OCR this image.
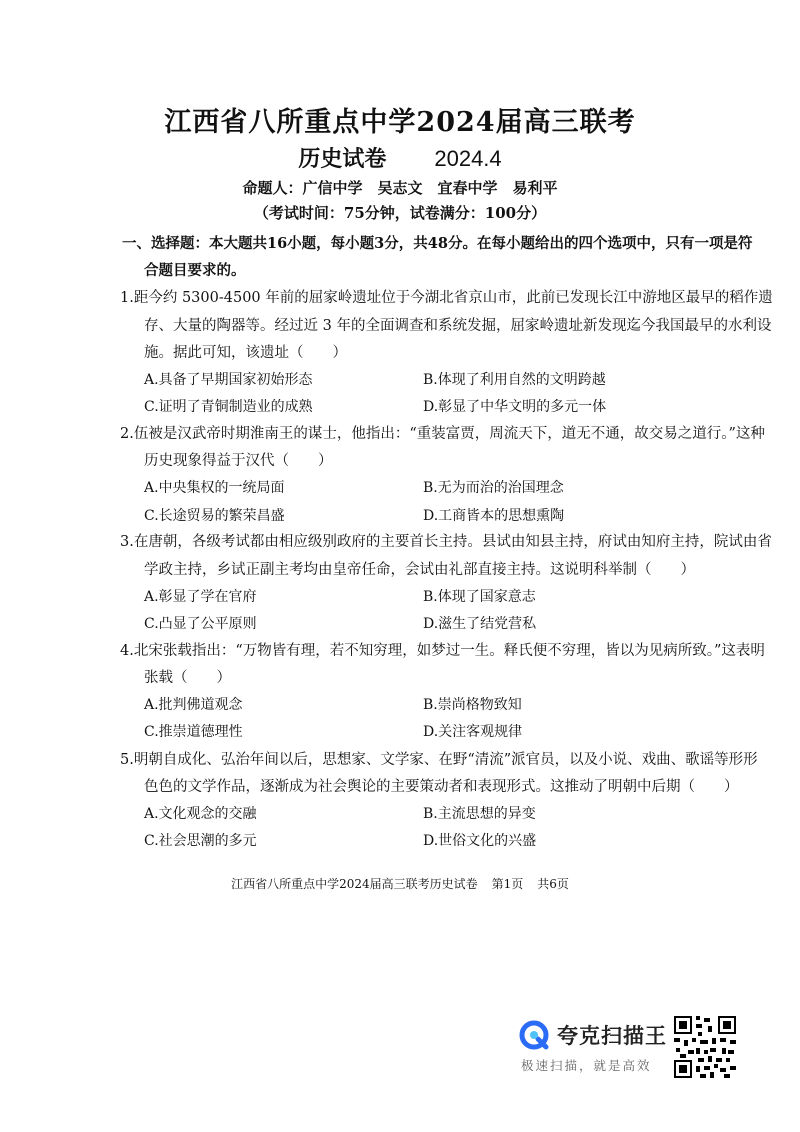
江西省八所重点中学2024届高三联考
历史试卷 2024.4
命题人：广信中学　吴志文　宜春中学　易利平
（考试时间：75分钟，试卷满分：100分）
一、选择题：本大题共16小题，每小题3分，共48分。在每小题给出的四个选项中，只有一项是符
合题目要求的。
1.距今约 5300-4500 年前的屈家岭遗址位于今湖北省京山市，此前已发现长江中游地区最早的稻作遗
存、大量的陶器等。经过近 3 年的全面调查和系统发掘，屈家岭遗址新发现迄今我国最早的水利设
施。据此可知，该遗址（　　）
A.具备了早期国家初始形态	B.体现了利用自然的文明跨越
C.证明了青铜制造业的成熟	D.彰显了中华文明的多元一体
2.伍被是汉武帝时期淮南王的谋士，他指出：“重装富贾，周流天下，道无不通，故交易之道行。”这种
历史现象得益于汉代（　　）
A.中央集权的一统局面	B.无为而治的治国理念
C.长途贸易的繁荣昌盛	D.工商皆本的思想熏陶
3.在唐朝，各级考试都由相应级别政府的主要首长主持。县试由知县主持，府试由知府主持，院试由省
学政主持，乡试正副主考均由皇帝任命，会试由礼部直接主持。这说明科举制（　　）
A.彰显了学在官府	B.体现了国家意志
C.凸显了公平原则	D.滋生了结党营私
4.北宋张载指出：“万物皆有理，若不知穷理，如梦过一生。释氏便不穷理，皆以为见病所致。”这表明
张载（　　）
A.批判佛道观念	B.崇尚格物致知
C.推崇道德理性	D.关注客观规律
5.明朝自成化、弘治年间以后，思想家、文学家、在野“清流”派官员，以及小说、戏曲、歌谣等形形
色色的文学作品，逐渐成为社会舆论的主要策动者和表现形式。这推动了明朝中后期（　　）
A.文化观念的交融	B.主流思想的异变
C.社会思潮的多元	D.世俗文化的兴盛
江西省八所重点中学2024届高三联考历史试卷 第1页 共6页
夸克扫描王
极速扫描，就是高效
